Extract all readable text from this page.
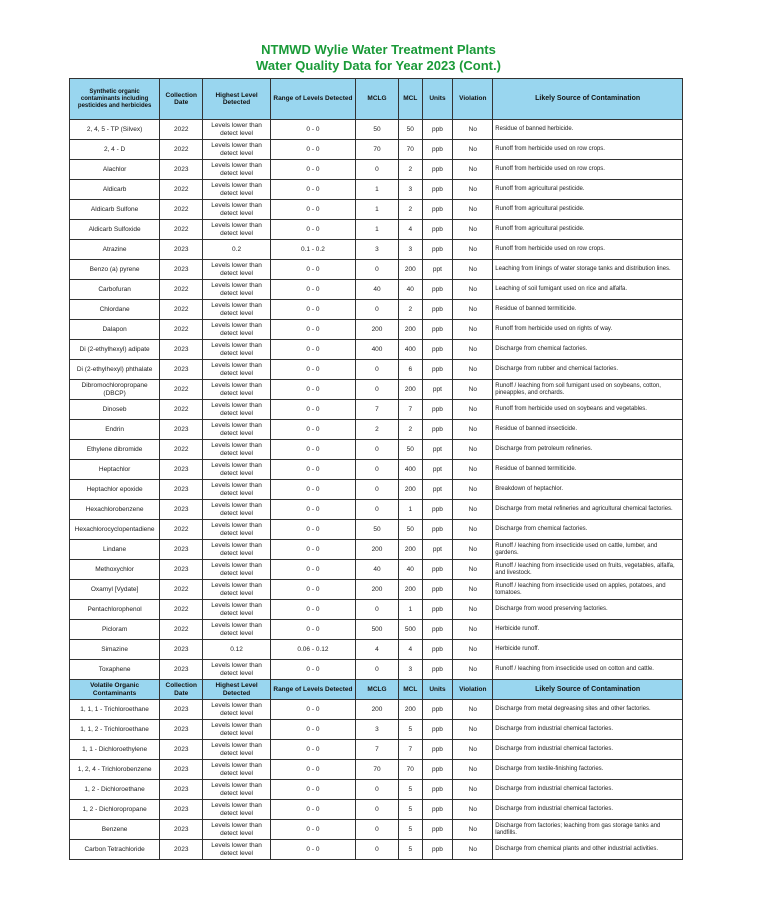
NTMWD Wylie Water Treatment Plants
Water Quality Data for Year 2023 (Cont.)
Synthetic organic contaminants including pesticides and herbicides	Collection Date	Highest Level Detected	Range of Levels Detected	MCLG	MCL	Units	Violation	Likely Source of Contamination
2, 4, 5 - TP (Silvex)	2022	Levels lower than detect level	0 - 0	50	50	ppb	No	Residue of banned herbicide.
2, 4 - D	2022	Levels lower than detect level	0 - 0	70	70	ppb	No	Runoff from herbicide used on row crops.
Alachlor	2023	Levels lower than detect level	0 - 0	0	2	ppb	No	Runoff from herbicide used on row crops.
Aldicarb	2022	Levels lower than detect level	0 - 0	1	3	ppb	No	Runoff from agricultural pesticide.
Aldicarb Sulfone	2022	Levels lower than detect level	0 - 0	1	2	ppb	No	Runoff from agricultural pesticide.
Aldicarb Sulfoxide	2022	Levels lower than detect level	0 - 0	1	4	ppb	No	Runoff from agricultural pesticide.
Atrazine	2023	0.2	0.1 - 0.2	3	3	ppb	No	Runoff from herbicide used on row crops.
Benzo (a) pyrene	2023	Levels lower than detect level	0 - 0	0	200	ppt	No	Leaching from linings of water storage tanks and distribution lines.
Carbofuran	2022	Levels lower than detect level	0 - 0	40	40	ppb	No	Leaching of soil fumigant used on rice and alfalfa.
Chlordane	2022	Levels lower than detect level	0 - 0	0	2	ppb	No	Residue of banned termiticide.
Dalapon	2022	Levels lower than detect level	0 - 0	200	200	ppb	No	Runoff from herbicide used on rights of way.
Di (2-ethylhexyl) adipate	2023	Levels lower than detect level	0 - 0	400	400	ppb	No	Discharge from chemical factories.
Di (2-ethylhexyl) phthalate	2023	Levels lower than detect level	0 - 0	0	6	ppb	No	Discharge from rubber and chemical factories.
Dibromochloropropane (DBCP)	2022	Levels lower than detect level	0 - 0	0	200	ppt	No	Runoff / leaching from soil fumigant used on soybeans, cotton, pineapples, and orchards.
Dinoseb	2022	Levels lower than detect level	0 - 0	7	7	ppb	No	Runoff from herbicide used on soybeans and vegetables.
Endrin	2023	Levels lower than detect level	0 - 0	2	2	ppb	No	Residue of banned insecticide.
Ethylene dibromide	2022	Levels lower than detect level	0 - 0	0	50	ppt	No	Discharge from petroleum refineries.
Heptachlor	2023	Levels lower than detect level	0 - 0	0	400	ppt	No	Residue of banned termiticide.
Heptachlor epoxide	2023	Levels lower than detect level	0 - 0	0	200	ppt	No	Breakdown of heptachlor.
Hexachlorobenzene	2023	Levels lower than detect level	0 - 0	0	1	ppb	No	Discharge from metal refineries and agricultural chemical factories.
Hexachlorocyclopentadiene	2022	Levels lower than detect level	0 - 0	50	50	ppb	No	Discharge from chemical factories.
Lindane	2023	Levels lower than detect level	0 - 0	200	200	ppt	No	Runoff / leaching from insecticide used on cattle, lumber, and gardens.
Methoxychlor	2023	Levels lower than detect level	0 - 0	40	40	ppb	No	Runoff / leaching from insecticide used on fruits, vegetables, alfalfa, and livestock.
Oxamyl [Vydate]	2022	Levels lower than detect level	0 - 0	200	200	ppb	No	Runoff / leaching from insecticide used on apples, potatoes, and tomatoes.
Pentachlorophenol	2022	Levels lower than detect level	0 - 0	0	1	ppb	No	Discharge from wood preserving factories.
Picloram	2022	Levels lower than detect level	0 - 0	500	500	ppb	No	Herbicide runoff.
Simazine	2023	0.12	0.06 - 0.12	4	4	ppb	No	Herbicide runoff.
Toxaphene	2023	Levels lower than detect level	0 - 0	0	3	ppb	No	Runoff / leaching from insecticide used on cotton and cattle.
Volatile Organic Contaminants	Collection Date	Highest Level Detected	Range of Levels Detected	MCLG	MCL	Units	Violation	Likely Source of Contamination
1, 1, 1 - Trichloroethane	2023	Levels lower than detect level	0 - 0	200	200	ppb	No	Discharge from metal degreasing sites and other factories.
1, 1, 2 - Trichloroethane	2023	Levels lower than detect level	0 - 0	3	5	ppb	No	Discharge from industrial chemical factories.
1, 1 - Dichloroethylene	2023	Levels lower than detect level	0 - 0	7	7	ppb	No	Discharge from industrial chemical factories.
1, 2, 4 - Trichlorobenzene	2023	Levels lower than detect level	0 - 0	70	70	ppb	No	Discharge from textile-finishing factories.
1, 2 - Dichloroethane	2023	Levels lower than detect level	0 - 0	0	5	ppb	No	Discharge from industrial chemical factories.
1, 2 - Dichloropropane	2023	Levels lower than detect level	0 - 0	0	5	ppb	No	Discharge from industrial chemical factories.
Benzene	2023	Levels lower than detect level	0 - 0	0	5	ppb	No	Discharge from factories; leaching from gas storage tanks and landfills.
Carbon Tetrachloride	2023	Levels lower than detect level	0 - 0	0	5	ppb	No	Discharge from chemical plants and other industrial activities.
